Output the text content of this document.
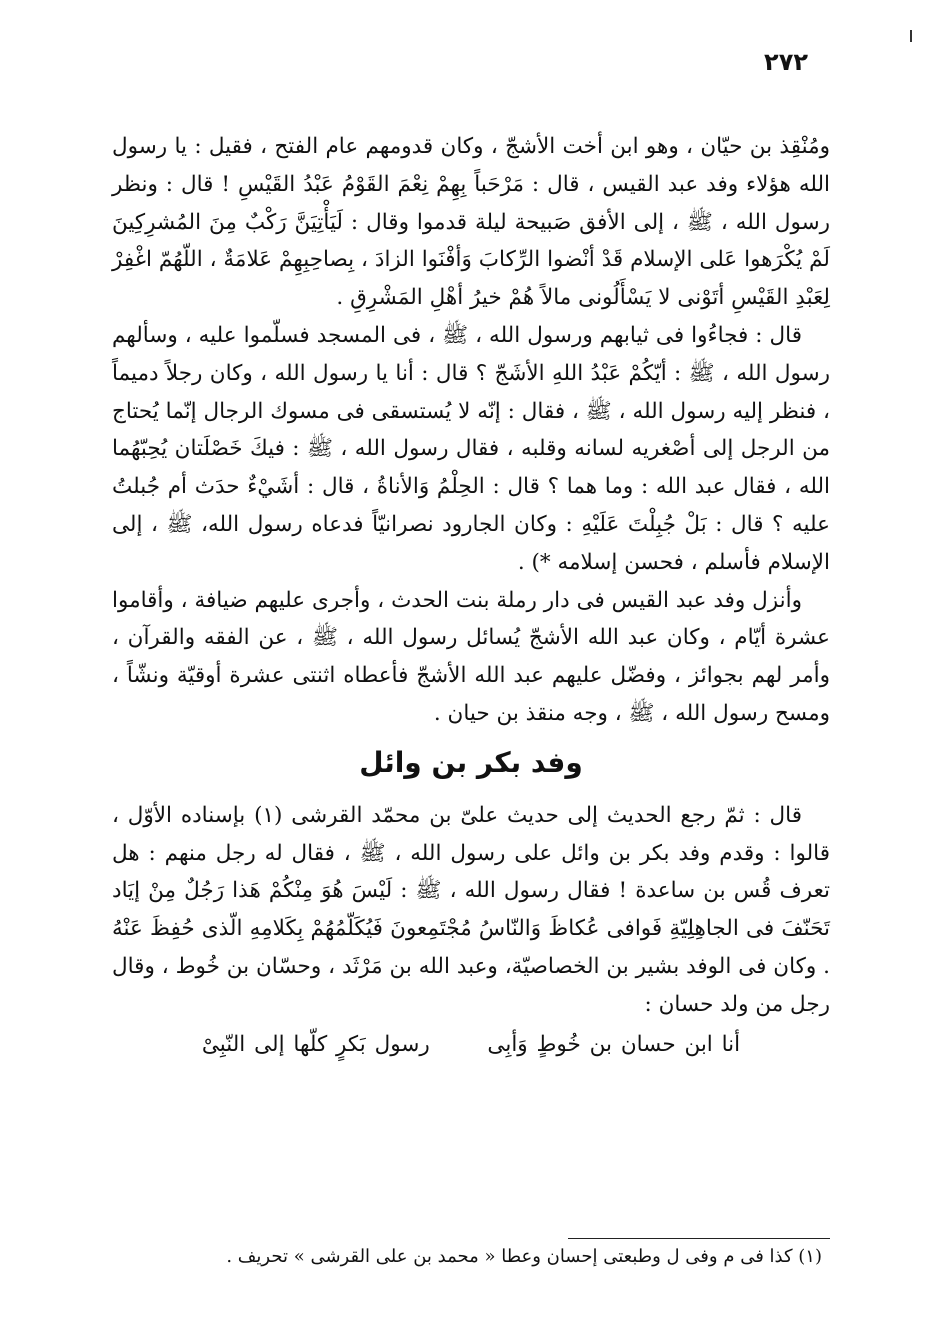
٢٧٢

ومُنْقِذ بن حيّان ، وهو ابن أخت الأشجّ ، وكان قدومهم عام الفتح ، فقيل : يا رسول الله هؤلاء وفد عبد القيس ، قال : مَرْحَباً بِهِمْ نِعْمَ القَوْمُ عَبْدُ القَيْسِ ! قال : ونظر رسول الله ، ﷺ ، إلى الأفق صَبيحة ليلة قدموا وقال : لَيَأْتِيَنَّ رَكْبٌ مِنَ المُشرِكِينَ لَمْ يُكْرَهوا عَلى الإسلام قَدْ أنْضوا الرِّكابَ وَأفْنَوا الزادَ ، بِصاحِبِهِمْ عَلامَةٌ ، اللّهُمّ اغْفِرْ لِعَبْدِ القَيْسِ أتَوْنى لا يَسْأَلُونى مالاً هُمْ خيرُ أهْلِ المَشْرِقِ .

قال : فجاءُوا فى ثيابهم ورسول الله ، ﷺ ، فى المسجد فسلّموا عليه ، وسألهم رسول الله ، ﷺ : أيّكُمْ عَبْدُ اللهِ الأشَجّ ؟ قال : أنا يا رسول الله ، وكان رجلاً دميماً ، فنظر إليه رسول الله ، ﷺ ، فقال : إنّه لا يُستسقى فى مسوك الرجال إنّما يُحتاج من الرجل إلى أصْغريه لسانه وقلبه ، فقال رسول الله ، ﷺ : فيكَ خَصْلَتان يُحِبّهُما الله ، فقال عبد الله : وما هما ؟ قال : الحِلْمُ وَالأناةُ ، قال : أشَيْءٌ حدَث أم جُبلتُ عليه ؟ قال : بَلْ جُبِلْتَ عَلَيْهِ : وكان الجارود نصرانيّاً فدعاه رسول الله، ﷺ ، إلى الإسلام فأسلم ، فحسن إسلامه *) .

وأنزل وفد عبد القيس فى دار رملة بنت الحدث ، وأجرى عليهم ضيافة ، وأقاموا عشرة أيّام ، وكان عبد الله الأشجّ يُسائل رسول الله ، ﷺ ، عن الفقه والقرآن ، وأمر لهم بجوائز ، وفضّل عليهم عبد الله الأشجّ فأعطاه اثنتى عشرة أوقيّة ونشّاً ، ومسح رسول الله ، ﷺ ، وجه منقذ بن حيان .

وفد بكر بن وائل

قال : ثمّ رجع الحديث إلى حديث علىّ بن محمّد القرشى (١) بإسناده الأوّل ، قالوا : وقدم وفد بكر بن وائل على رسول الله ، ﷺ ، فقال له رجل منهم : هل تعرف قُس بن ساعدة ! فقال رسول الله ، ﷺ : لَيْسَ هُوَ مِنْكُمْ هَذا رَجُلٌ مِنْ إيَاد تَحَنّفَ فى الجاهِلِيّةِ فَوافى عُكاظَ وَالنّاسُ مُجْتَمِعونَ فَيُكَلّمُهُمْ بِكَلامِهِ الّذى حُفِظَ عَنْهُ . وكان فى الوفد بشير بن الخصاصيّة، وعبد الله بن مَرْثَد ، وحسّان بن خُوط ، وقال رجل من ولد حسان :

أنا ابن حسان بن خُوطٍ وَأبِى  رسول بَكرٍ كلّها إلى النّبِىْ
(١) كذا فى م وفى ل وطبعتى إحسان وعطا « محمد بن على القرشى » تحريف .
